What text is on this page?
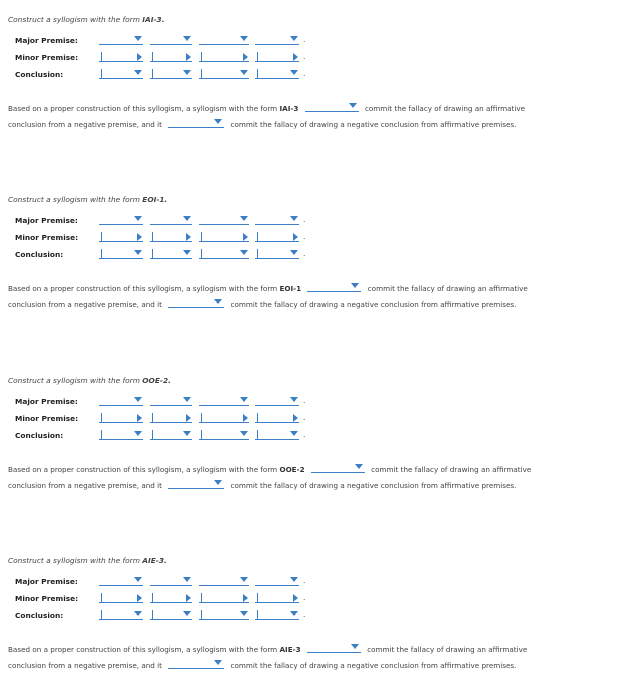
Construct a syllogism with the form IAI-3.
Major Premise:	.
Minor Premise:	.
Conclusion:	.
Based on a proper construction of this syllogism, a syllogism with the form IAI-3	commit the fallacy of drawing an affirmative
conclusion from a negative premise, and it	commit the fallacy of drawing a negative conclusion from affirmative premises.
Construct a syllogism with the form EOI-1.
Major Premise:	.
Minor Premise:	.
Conclusion:	.
Based on a proper construction of this syllogism, a syllogism with the form EOI-1	commit the fallacy of drawing an affirmative
conclusion from a negative premise, and it	commit the fallacy of drawing a negative conclusion from affirmative premises.
Construct a syllogism with the form OOE-2.
Major Premise:	.
Minor Premise:	.
Conclusion:	.
Based on a proper construction of this syllogism, a syllogism with the form OOE-2	commit the fallacy of drawing an affirmative
conclusion from a negative premise, and it	commit the fallacy of drawing a negative conclusion from affirmative premises.
Construct a syllogism with the form AIE-3.
Major Premise:	.
Minor Premise:	.
Conclusion:	.
Based on a proper construction of this syllogism, a syllogism with the form AIE-3	commit the fallacy of drawing an affirmative
conclusion from a negative premise, and it	commit the fallacy of drawing a negative conclusion from affirmative premises.
